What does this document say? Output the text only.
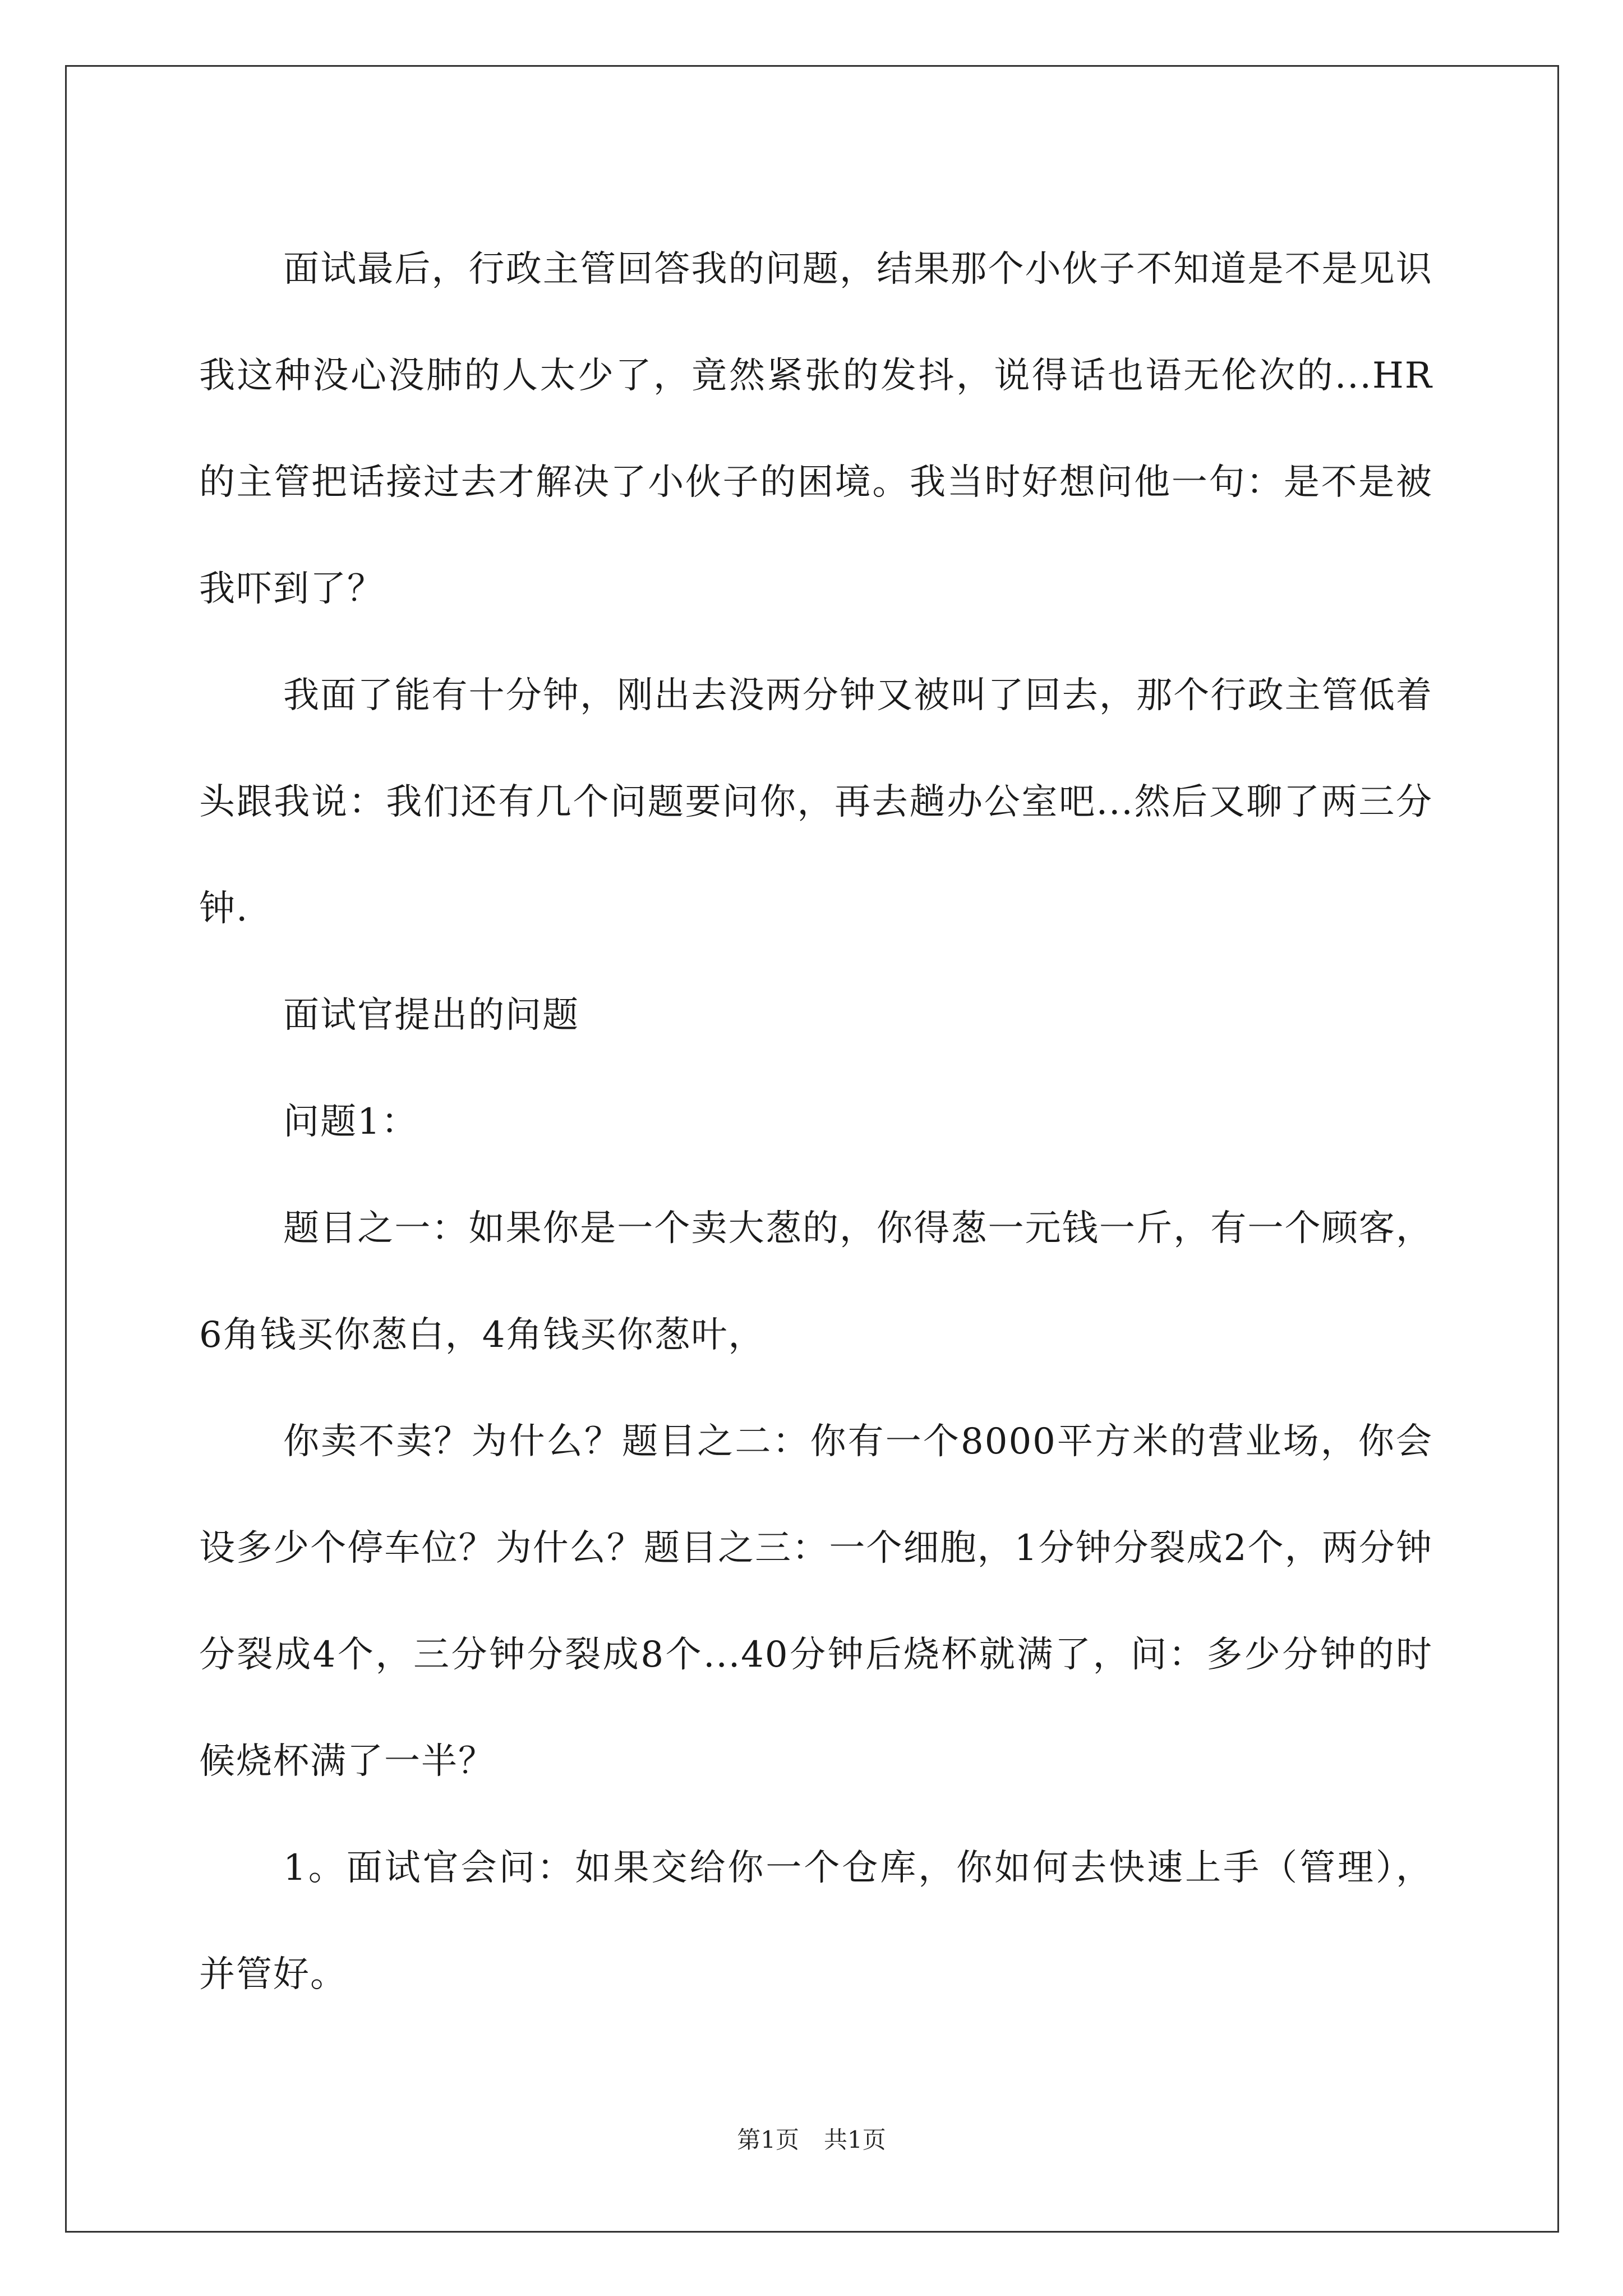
面试最后，行政主管回答我的问题，结果那个小伙子不知道是不是见识我这种没心没肺的人太少了，竟然紧张的发抖，说得话也语无伦次的...HR的主管把话接过去才解决了小伙子的困境。我当时好想问他一句：是不是被我吓到了？

我面了能有十分钟，刚出去没两分钟又被叫了回去，那个行政主管低着头跟我说：我们还有几个问题要问你，再去趟办公室吧...然后又聊了两三分钟.

面试官提出的问题

问题1：

题目之一：如果你是一个卖大葱的，你得葱一元钱一斤，有一个顾客，6角钱买你葱白，4角钱买你葱叶，

你卖不卖？为什么？题目之二：你有一个8000平方米的营业场，你会设多少个停车位？为什么？题目之三：一个细胞，1分钟分裂成2个，两分钟分裂成4个，三分钟分裂成8个...40分钟后烧杯就满了，问：多少分钟的时候烧杯满了一半？

1。面试官会问：如果交给你一个仓库，你如何去快速上手（管理），并管好。

第1页 共1页
